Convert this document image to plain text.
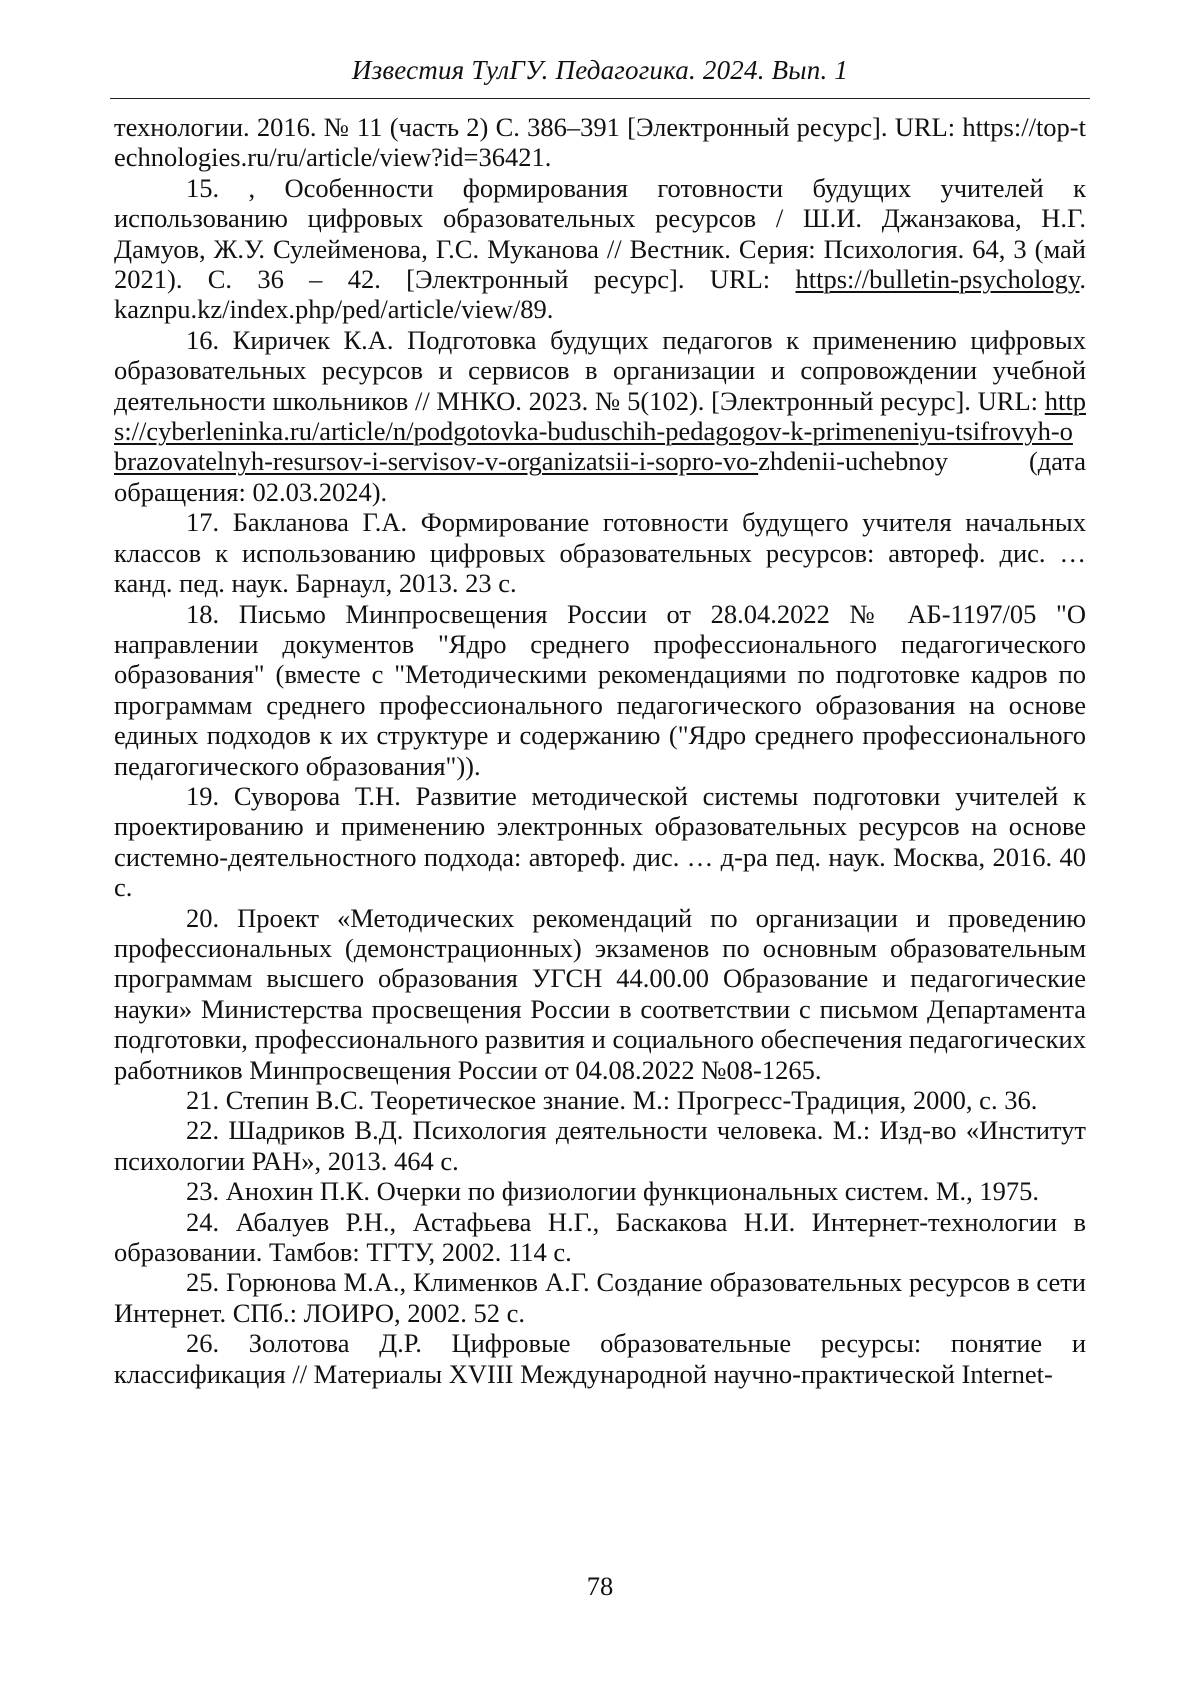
Известия ТулГУ. Педагогика. 2024. Вып. 1

технологии. 2016. № 11 (часть 2) С. 386–391 [Электронный ресурс]. URL: https://top-technologies.ru/ru/article/view?id=36421.

15. , Особенности формирования готовности будущих учителей к использованию цифровых образовательных ресурсов / Ш.И. Джанзакова, Н.Г. Дамуов, Ж.У. Сулейменова, Г.С. Муканова // Вестник. Серия: Психология. 64, 3 (май 2021). С. 36 – 42. [Электронный ресурс]. URL: https://bulletin-psychology. kaznpu.kz/index.php/ped/article/view/89.

16. Киричек К.А. Подготовка будущих педагогов к применению цифровых образовательных ресурсов и сервисов в организации и сопровождении учебной деятельности школьников // МНКО. 2023. № 5(102). [Электронный ресурс]. URL: https://cyberleninka.ru/article/n/podgotovka-buduschih-pedagogov-k-primeneniyu-tsifrovyh-obrazovatelnyh-resursov-i-servisov-v-organizatsii-i-sopro-vo-zhdenii-uchebnoy (дата обращения: 02.03.2024).

17. Бакланова Г.А. Формирование готовности будущего учителя начальных классов к использованию цифровых образовательных ресурсов: автореф. дис. … канд. пед. наук. Барнаул, 2013. 23 с.

18. Письмо Минпросвещения России от 28.04.2022 № АБ-1197/05 "О направлении документов "Ядро среднего профессионального педагогического образования" (вместе с "Методическими рекомендациями по подготовке кадров по программам среднего профессионального педагогического образования на основе единых подходов к их структуре и содержанию ("Ядро среднего профессионального педагогического образования")).

19. Суворова Т.Н. Развитие методической системы подготовки учителей к проектированию и применению электронных образовательных ресурсов на основе системно-деятельностного подхода: автореф. дис. … д-ра пед. наук. Москва, 2016. 40 с.

20. Проект «Методических рекомендаций по организации и проведению профессиональных (демонстрационных) экзаменов по основным образовательным программам высшего образования УГСН 44.00.00 Образование и педагогические науки» Министерства просвещения России в соответствии с письмом Департамента подготовки, профессионального развития и социального обеспечения педагогических работников Минпросвещения России от 04.08.2022 №08-1265.

21. Степин В.С. Теоретическое знание. М.: Прогресс-Традиция, 2000, с. 36.

22. Шадриков В.Д. Психология деятельности человека. М.: Изд-во «Институт психологии РАН», 2013. 464 с.

23. Анохин П.К. Очерки по физиологии функциональных систем. М., 1975.

24. Абалуев Р.Н., Астафьева Н.Г., Баскакова Н.И. Интернет-технологии в образовании. Тамбов: ТГТУ, 2002. 114 с.

25. Горюнова М.А., Клименков А.Г. Создание образовательных ресурсов в сети Интернет. СПб.: ЛОИРО, 2002. 52 с.

26. Золотова Д.Р. Цифровые образовательные ресурсы: понятие и классификация // Материалы XVIII Международной научно-практической Internet-

78
